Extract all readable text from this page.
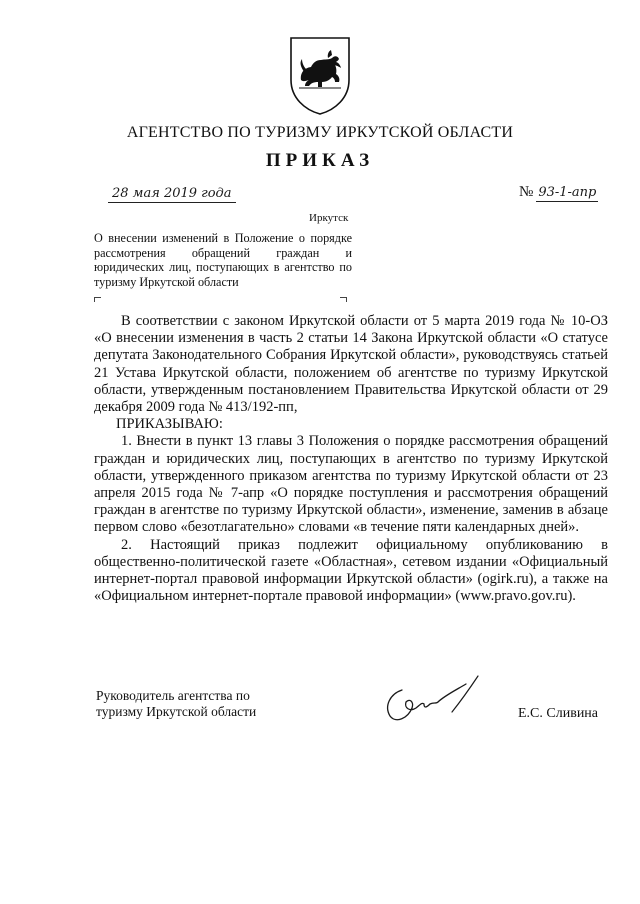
АГЕНТСТВО ПО ТУРИЗМУ ИРКУТСКОЙ ОБЛАСТИ
ПРИКАЗ
28 мая 2019 года	№ 93-1-апр
Иркутск
О внесении изменений в Положение о порядке рассмотрения обращений граждан и юридических лиц, поступающих в агентство по туризму Иркутской области

В соответствии с законом Иркутской области от 5 марта 2019 года № 10-ОЗ «О внесении изменения в часть 2 статьи 14 Закона Иркутской области «О статусе депутата Законодательного Собрания Иркутской области», руководствуясь статьей 21 Устава Иркутской области, положением об агентстве по туризму Иркутской области, утвержденным постановлением Правительства Иркутской области от 29 декабря 2009 года № 413/192-пп,

ПРИКАЗЫВАЮ:

1. Внести в пункт 13 главы 3 Положения о порядке рассмотрения обращений граждан и юридических лиц, поступающих в агентство по туризму Иркутской области, утвержденного приказом агентства по туризму Иркутской области от 23 апреля 2015 года № 7-апр «О порядке поступления и рассмотрения обращений граждан в агентстве по туризму Иркутской области», изменение, заменив в абзаце первом слово «безотлагательно» словами «в течение пяти календарных дней».

2. Настоящий приказ подлежит официальному опубликованию в общественно-политической газете «Областная», сетевом издании «Официальный интернет-портал правовой информации Иркутской области» (ogirk.ru), а также на «Официальном интернет-портале правовой информации» (www.pravo.gov.ru).

Руководитель агентства по
туризму Иркутской области	Е.С. Сливина
